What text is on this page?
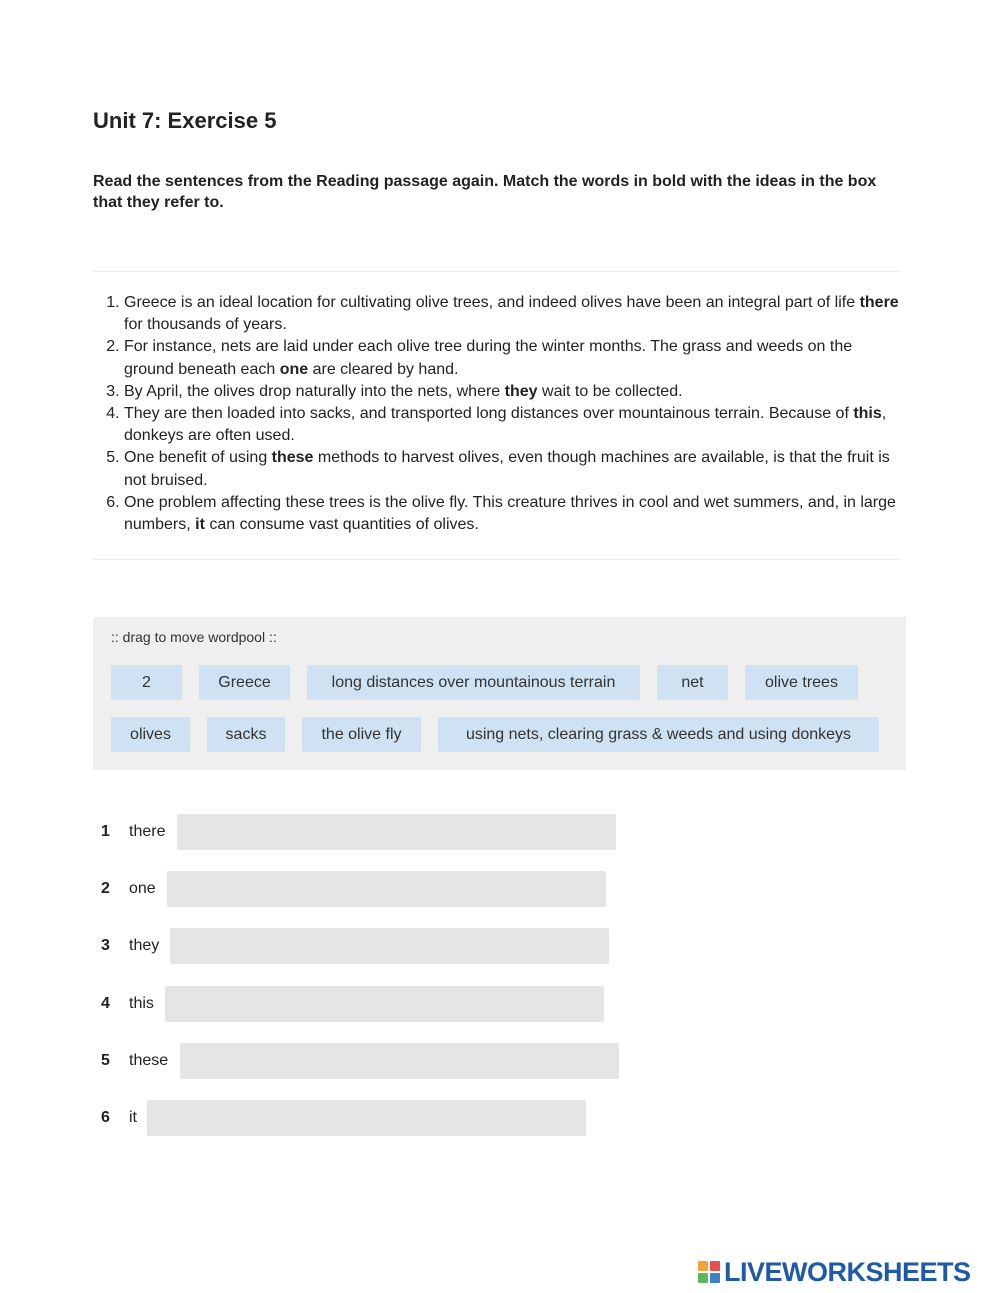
Unit 7: Exercise 5

Read the sentences from the Reading passage again. Match the words in bold with the ideas in the box that they refer to.

1. Greece is an ideal location for cultivating olive trees, and indeed olives have been an integral part of life there for thousands of years.
2. For instance, nets are laid under each olive tree during the winter months. The grass and weeds on the ground beneath each one are cleared by hand.
3. By April, the olives drop naturally into the nets, where they wait to be collected.
4. They are then loaded into sacks, and transported long distances over mountainous terrain. Because of this, donkeys are often used.
5. One benefit of using these methods to harvest olives, even though machines are available, is that the fruit is not bruised.
6. One problem affecting these trees is the olive fly. This creature thrives in cool and wet summers, and, in large numbers, it can consume vast quantities of olives.
:: drag to move wordpool ::
2	Greece	long distances over mountainous terrain	net	olive trees
olives	sacks	the olive fly	using nets, clearing grass & weeds and using donkeys
1 there
2 one
3 they
4 this
5 these
6 it
LIVEWORKSHEETS
